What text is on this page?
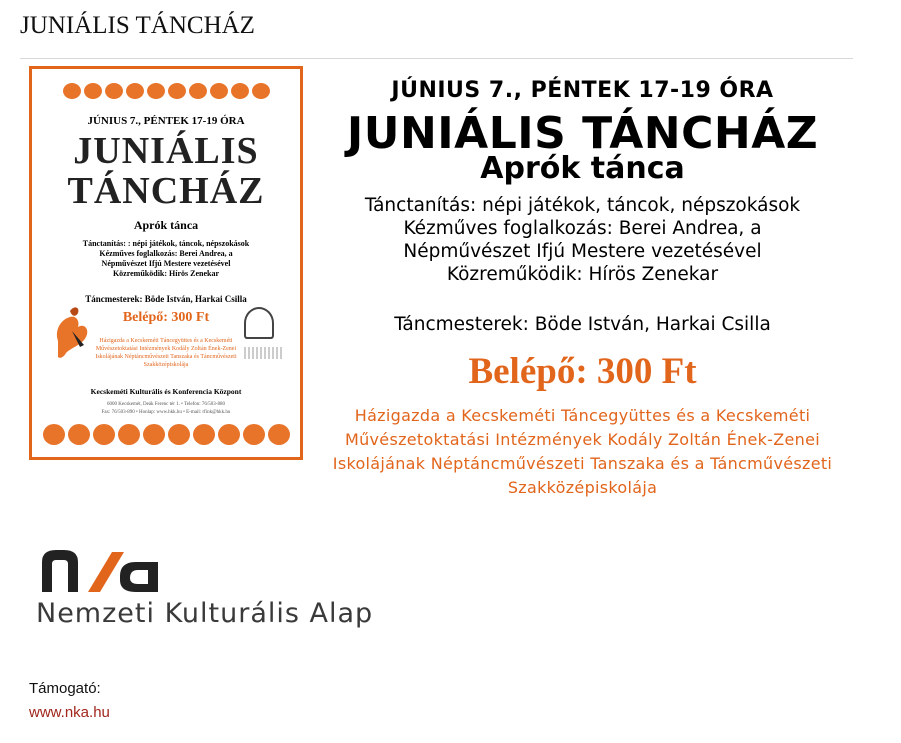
JUNIÁLIS TÁNCHÁZ
JÚNIUS 7., PÉNTEK 17-19 ÓRA
JUNIÁLIS
TÁNCHÁZ
Aprók tánca
Tánctanítás: : népi játékok, táncok, népszokások
Kézműves foglalkozás: Berei Andrea, a
Népművészet Ifjú Mestere vezetésével
Közreműködik: Hírös Zenekar
Táncmesterek: Böde István, Harkai Csilla
Belépő: 300 Ft
Házigazda a Kecskeméti Táncegyüttes és a Kecskeméti Művészetoktatási Intézmények Kodály Zoltán Ének-Zenei Iskolájának Néptáncművészeti Tanszaka és Táncművészeti Szakközépiskolája
Kecskeméti Kulturális és Konferencia Központ
6000 Kecskemét, Deák Ferenc tér 1. • Telefon: 76/503-880
Fax: 76/503-890 • Honlap: www.hkk.hu • E-mail: rfink@hkk.hu
JÚNIUS 7., PÉNTEK 17-19 ÓRA
JUNIÁLIS TÁNCHÁZ
Aprók tánca
Tánctanítás: népi játékok, táncok, népszokások
Kézműves foglalkozás: Berei Andrea, a
Népművészet Ifjú Mestere vezetésével
Közreműködik: Hírös Zenekar
Táncmesterek: Böde István, Harkai Csilla
Belépő: 300 Ft
Házigazda a Kecskeméti Táncegyüttes és a Kecskeméti Művészetoktatási Intézmények Kodály Zoltán Ének-Zenei Iskolájának Néptáncművészeti Tanszaka és a Táncművészeti Szakközépiskolája
nka
Nemzeti Kulturális Alap
Támogató:
www.nka.hu
